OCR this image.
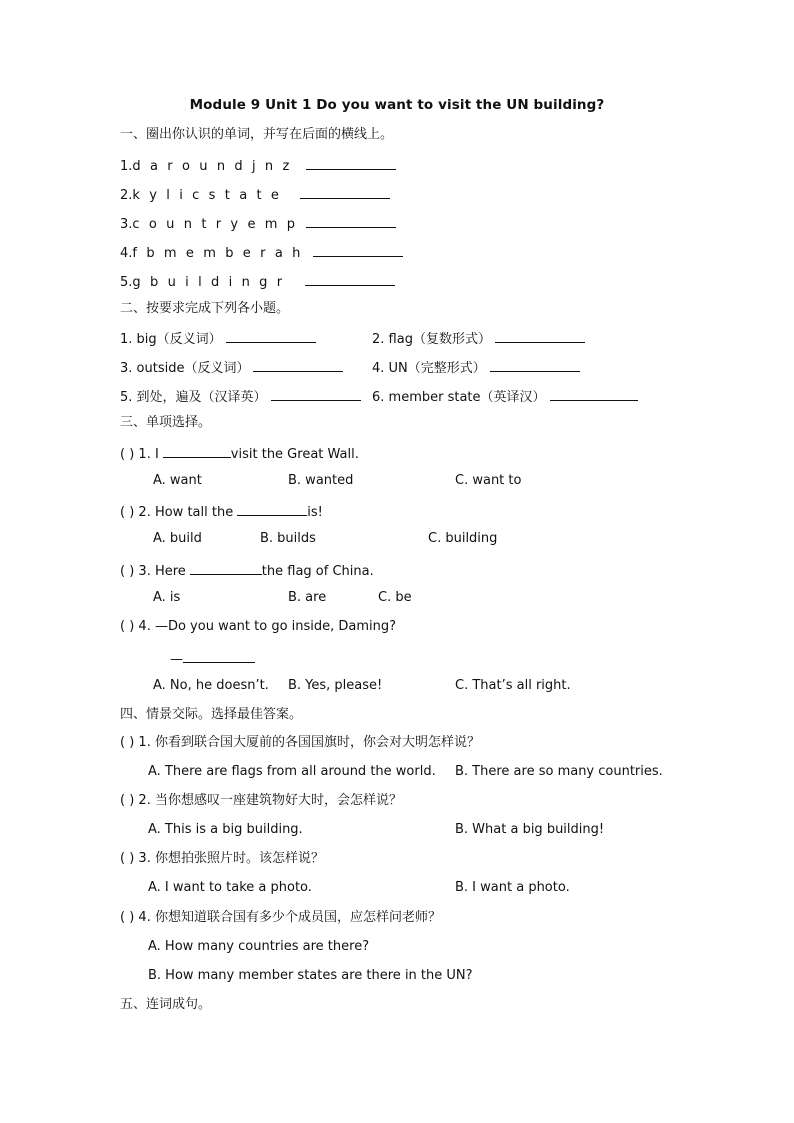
Module 9 Unit 1 Do you want to visit the UN building?
一、圈出你认识的单词，并写在后面的横线上。
1.d a r o u n d j n z
2.k y l i c s t a t e
3.c o u n t r y e m p
4.f b m e m b e r a h
5.g b u i l d i n g r
二、按要求完成下列各小题。
1. big（反义词）	2. flag（复数形式）
3. outside（反义词）	4. UN（完整形式）
5. 到处，遍及（汉译英）	6. member state（英译汉）
三、单项选择。
( ) 1. I	visit the Great Wall.
A. want	B. wanted	C. want to
( ) 2. How tall the	is!
A. build	B. builds	C. building
( ) 3. Here	the flag of China.
A. is	B. are	C. be
( ) 4. —Do you want to go inside, Daming?
—
A. No, he doesn’t. B. Yes, please!	C. That’s all right.
四、情景交际。选择最佳答案。
( ) 1. 你看到联合国大厦前的各国国旗时，你会对大明怎样说？
A. There are flags from all around the world. B. There are so many countries.
( ) 2. 当你想感叹一座建筑物好大时，会怎样说？
A. This is a big building.	B. What a big building!
( ) 3. 你想拍张照片时。该怎样说？
A. I want to take a photo.	B. I want a photo.
( ) 4. 你想知道联合国有多少个成员国，应怎样问老师？
A. How many countries are there?
B. How many member states are there in the UN?
五、连词成句。
